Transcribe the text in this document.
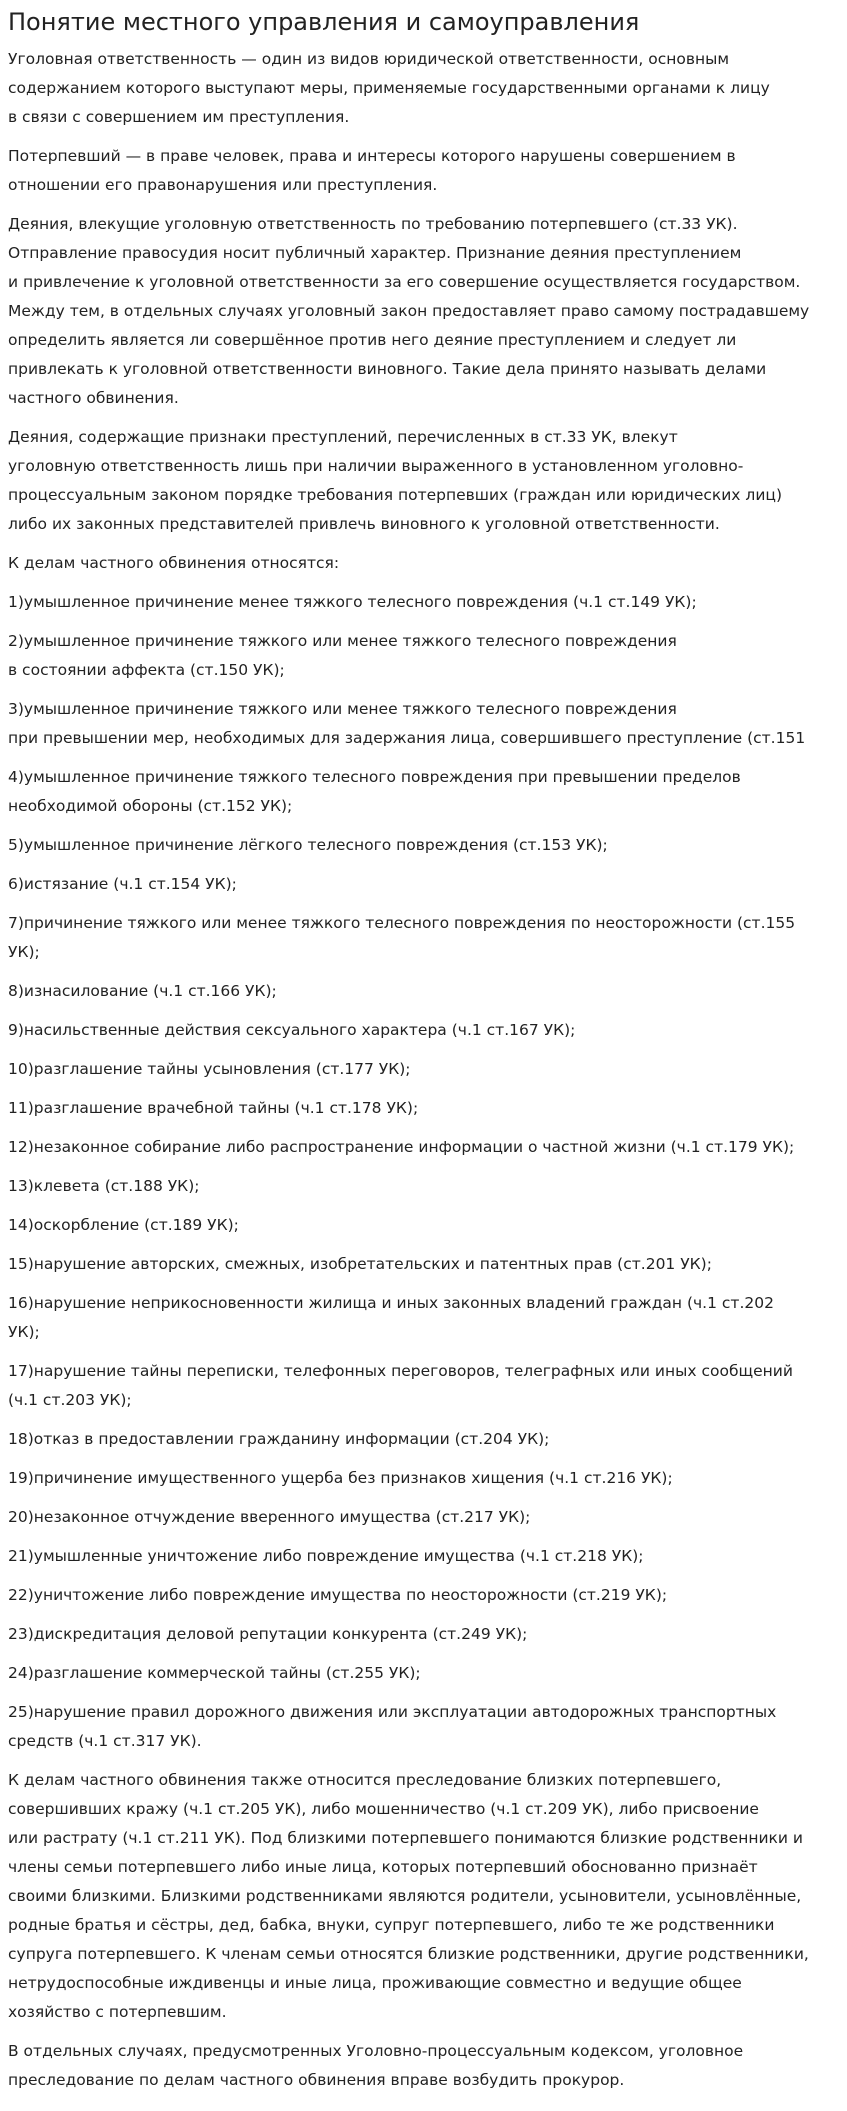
Понятие местного управления и самоуправления

Уголовная ответственность — один из видов юридической ответственности, основным
содержанием которого выступают меры, применяемые государственными органами к лицу
в связи с совершением им преступления.

Потерпевший — в праве человек, права и интересы которого нарушены совершением в
отношении его правонарушения или преступления.

Деяния, влекущие уголовную ответственность по требованию потерпевшего (ст.33 УК).
Отправление правосудия носит публичный характер. Признание деяния преступлением
и привлечение к уголовной ответственности за его совершение осуществляется государством.
Между тем, в отдельных случаях уголовный закон предоставляет право самому пострадавшему
определить является ли совершённое против него деяние преступлением и следует ли
привлекать к уголовной ответственности виновного. Такие дела принято называть делами
частного обвинения.

Деяния, содержащие признаки преступлений, перечисленных в ст.33 УК, влекут
уголовную ответственность лишь при наличии выраженного в установленном уголовно-
процессуальным законом порядке требования потерпевших (граждан или юридических лиц)
либо их законных представителей привлечь виновного к уголовной ответственности.

К делам частного обвинения относятся:

1)умышленное причинение менее тяжкого телесного повреждения (ч.1 ст.149 УК);

2)умышленное причинение тяжкого или менее тяжкого телесного повреждения
в состоянии аффекта (ст.150 УК);

3)умышленное причинение тяжкого или менее тяжкого телесного повреждения
при превышении мер, необходимых для задержания лица, совершившего преступление (ст.151

4)умышленное причинение тяжкого телесного повреждения при превышении пределов
необходимой обороны (ст.152 УК);

5)умышленное причинение лёгкого телесного повреждения (ст.153 УК);

6)истязание (ч.1 ст.154 УК);

7)причинение тяжкого или менее тяжкого телесного повреждения по неосторожности (ст.155
УК);

8)изнасилование (ч.1 ст.166 УК);

9)насильственные действия сексуального характера (ч.1 ст.167 УК);

10)разглашение тайны усыновления (ст.177 УК);

11)разглашение врачебной тайны (ч.1 ст.178 УК);

12)незаконное собирание либо распространение информации о частной жизни (ч.1 ст.179 УК);

13)клевета (ст.188 УК);

14)оскорбление (ст.189 УК);

15)нарушение авторских, смежных, изобретательских и патентных прав (ст.201 УК);

16)нарушение неприкосновенности жилища и иных законных владений граждан (ч.1 ст.202
УК);

17)нарушение тайны переписки, телефонных переговоров, телеграфных или иных сообщений
(ч.1 ст.203 УК);

18)отказ в предоставлении гражданину информации (ст.204 УК);

19)причинение имущественного ущерба без признаков хищения (ч.1 ст.216 УК);

20)незаконное отчуждение вверенного имущества (ст.217 УК);

21)умышленные уничтожение либо повреждение имущества (ч.1 ст.218 УК);

22)уничтожение либо повреждение имущества по неосторожности (ст.219 УК);

23)дискредитация деловой репутации конкурента (ст.249 УК);

24)разглашение коммерческой тайны (ст.255 УК);

25)нарушение правил дорожного движения или эксплуатации автодорожных транспортных
средств (ч.1 ст.317 УК).

К делам частного обвинения также относится преследование близких потерпевшего,
совершивших кражу (ч.1 ст.205 УК), либо мошенничество (ч.1 ст.209 УК), либо присвоение
или растрату (ч.1 ст.211 УК). Под близкими потерпевшего понимаются близкие родственники и
члены семьи потерпевшего либо иные лица, которых потерпевший обоснованно признаёт
своими близкими. Близкими родственниками являются родители, усыновители, усыновлённые,
родные братья и сёстры, дед, бабка, внуки, супруг потерпевшего, либо те же родственники
супруга потерпевшего. К членам семьи относятся близкие родственники, другие родственники,
нетрудоспособные иждивенцы и иные лица, проживающие совместно и ведущие общее
хозяйство с потерпевшим.

В отдельных случаях, предусмотренных Уголовно-процессуальным кодексом, уголовное
преследование по делам частного обвинения вправе возбудить прокурор.
